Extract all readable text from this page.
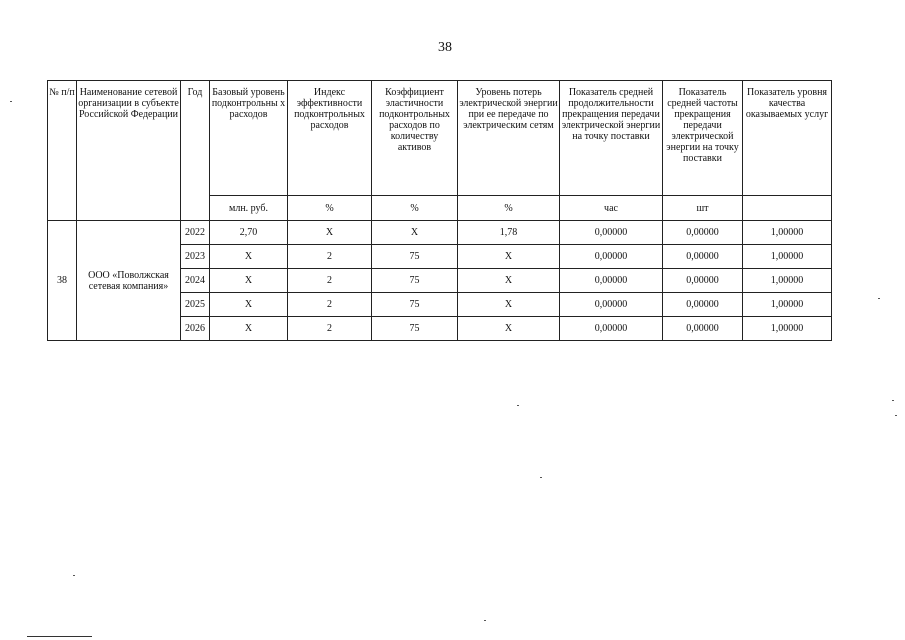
38
№ п/п	Наименование сетевой организации в субъекте Российской Федерации	Год	Базовый уровень подконтрольны х расходов	Индекс эффективности подконтрольных расходов	Коэффициент эластичности подконтрольных расходов по количеству активов	Уровень потерь электрической энергии при ее передаче по электрическим сетям	Показатель средней продолжительности прекращения передачи электрической энергии на точку поставки	Показатель средней частоты прекращения передачи электрической энергии на точку поставки	Показатель уровня качества оказываемых услуг
			млн. руб.	%	%	%	час	шт	
38	ООО «Поволжская сетевая компания»	2022	2,70	X	X	1,78	0,00000	0,00000	1,00000
		2023	X	2	75	X	0,00000	0,00000	1,00000
		2024	X	2	75	X	0,00000	0,00000	1,00000
		2025	X	2	75	X	0,00000	0,00000	1,00000
		2026	X	2	75	X	0,00000	0,00000	1,00000
